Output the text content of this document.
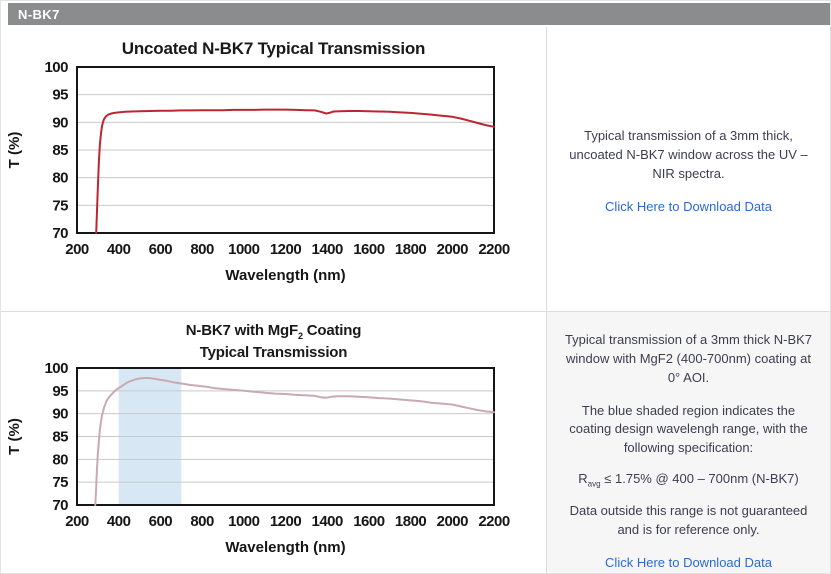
N-BK7
Uncoated N-BK7 Typical Transmission
70
75
80
85
90
95
100
200 400 600 800 1000 1200 1400 1600 1800 2000 2200
Wavelength (nm)
T (%)	Typical transmission of a 3mm thick, uncoated N-BK7 window across the UV – NIR spectra.

Click Here to Download Data
N-BK7 with MgF$_2$ Coating
Typical Transmission
70
75
80
85
90
95
100
200 400 600 800 1000 1200 1400 1600 1800 2000 2200
Wavelength (nm)
T (%)

Typical transmission of a 3mm thick N-BK7 window with MgF2 (400-700nm) coating at 0° AOI.

The blue shaded region indicates the coating design wavelengh range, with the following specification:

$R_{avg} \le 1.75\%$ @ 400 – 700nm (N-BK7)

Data outside this range is not guaranteed and is for reference only.

Click Here to Download Data
